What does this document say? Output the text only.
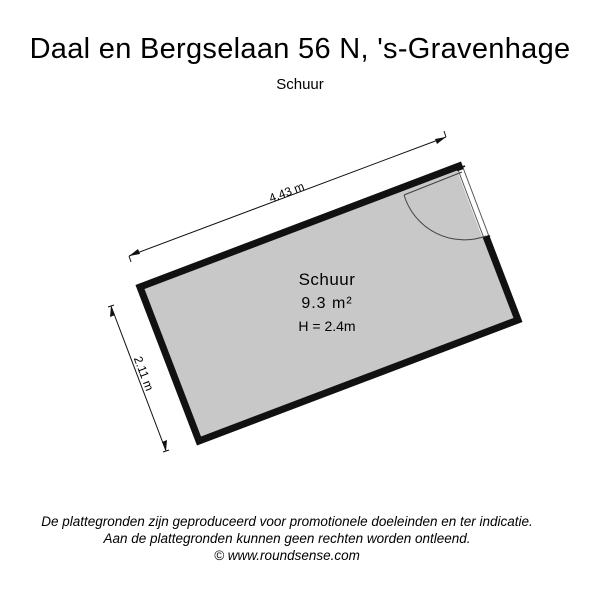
Daal en Bergselaan 56 N, 's-Gravenhage
Schuur
4.43 m
2.11 m
Schuur
9.3 m²
H = 2.4m
De plattegronden zijn geproduceerd voor promotionele doeleinden en ter indicatie.
Aan de plattegronden kunnen geen rechten worden ontleend.
© www.roundsense.com
